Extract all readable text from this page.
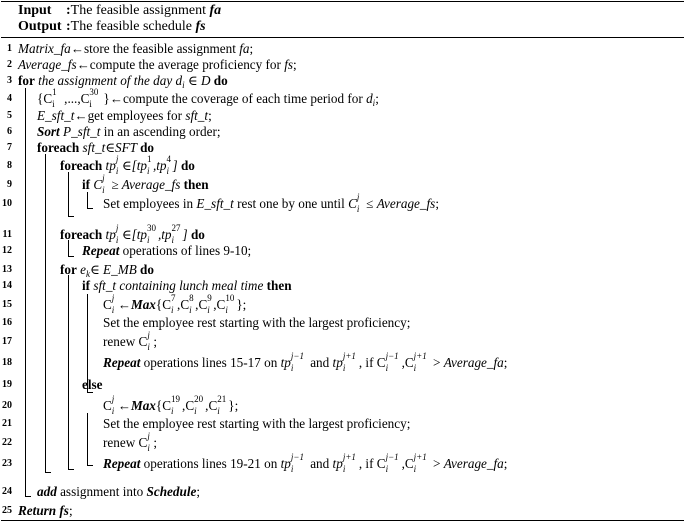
Input :The feasible assignment fa
Output :The feasible schedule fs
1
2
3
4
5
6
7
8
9
10
11
12
13
14
15
16
17
18
19
20
21
22
23
24
25
Matrix_fa←store the feasible assignment fa;
Average_fs←compute the average proficiency for fs;
for the assignment of the day $d_i$ ∈ D do
{C 1
i ,...,C 30
i }←compute the coverage of each time period for $d_i$;
E_sft_t←get employees for sft_t;
Sort P_sft_t in an ascending order;
foreach sft_t∈SFT do
foreach tp j
i ∈[tp 1
i ,tp 4
i ] do
if C j
i ≥ Average_fs then
Set employees in E_sft_t rest one by one until C j
i ≤ Average_fs;
foreach tp j
i ∈[tp 30
i ,tp 27
i ] do
Repeat operations of lines 9-10;
for $e_k\in$ E_MB do
if sft_t containing lunch meal time then
C j
i ←Max{C 7
i ,C 8
i ,C 9
i ,C 10
i };
Set the employee rest starting with the largest proficiency;
renew C j
i ;
Repeat operations lines 15-17 on tp j−1
i and tp j+1
i , if C j−1
i ,C j+1
i > Average_fa;
else
C j
i ←Max{C 19
i ,C 20
i ,C 21
i };
Set the employee rest starting with the largest proficiency;
renew C j
i ;
Repeat operations lines 19-21 on tp j−1
i and tp j+1
i , if C j−1
i ,C j+1
i > Average_fa;
add assignment into Schedule;
Return fs;
